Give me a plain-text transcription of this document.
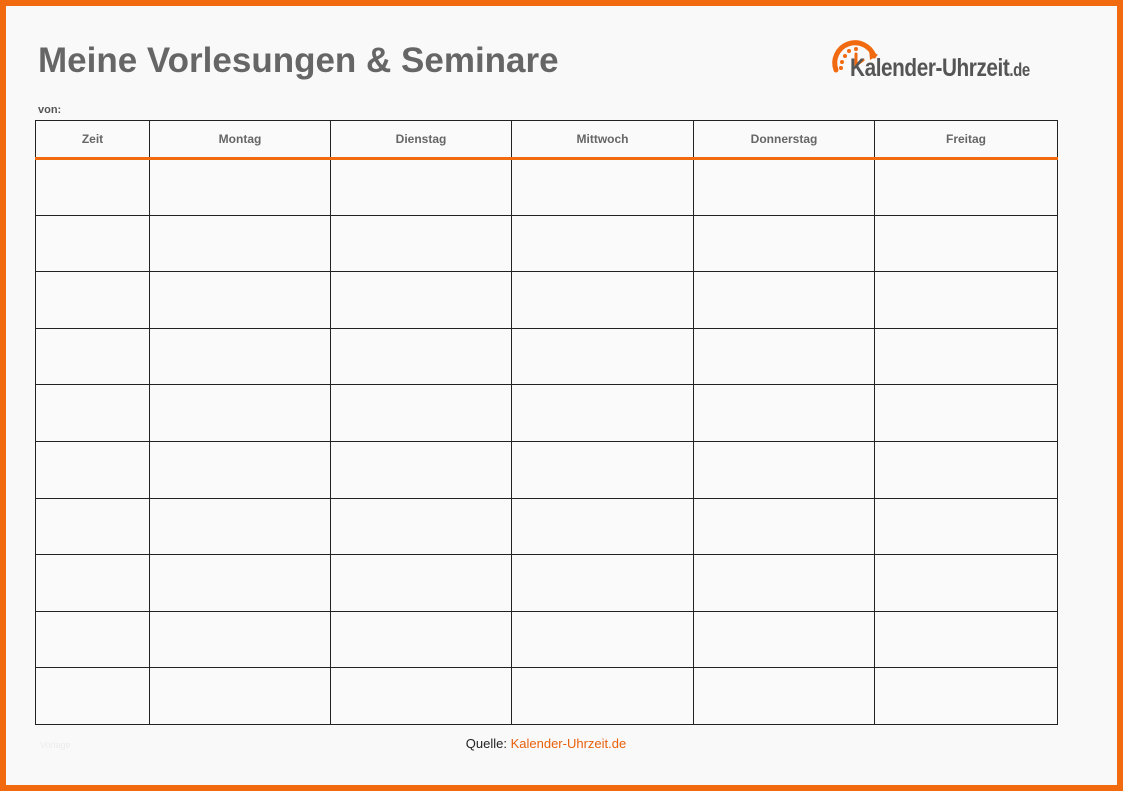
Meine Vorlesungen & Seminare	Kalender-Uhrzeit.de
von:
Zeit	Montag	Dienstag	Mittwoch	Donnerstag	Freitag

Quelle: Kalender-Uhrzeit.de
Vorlage
